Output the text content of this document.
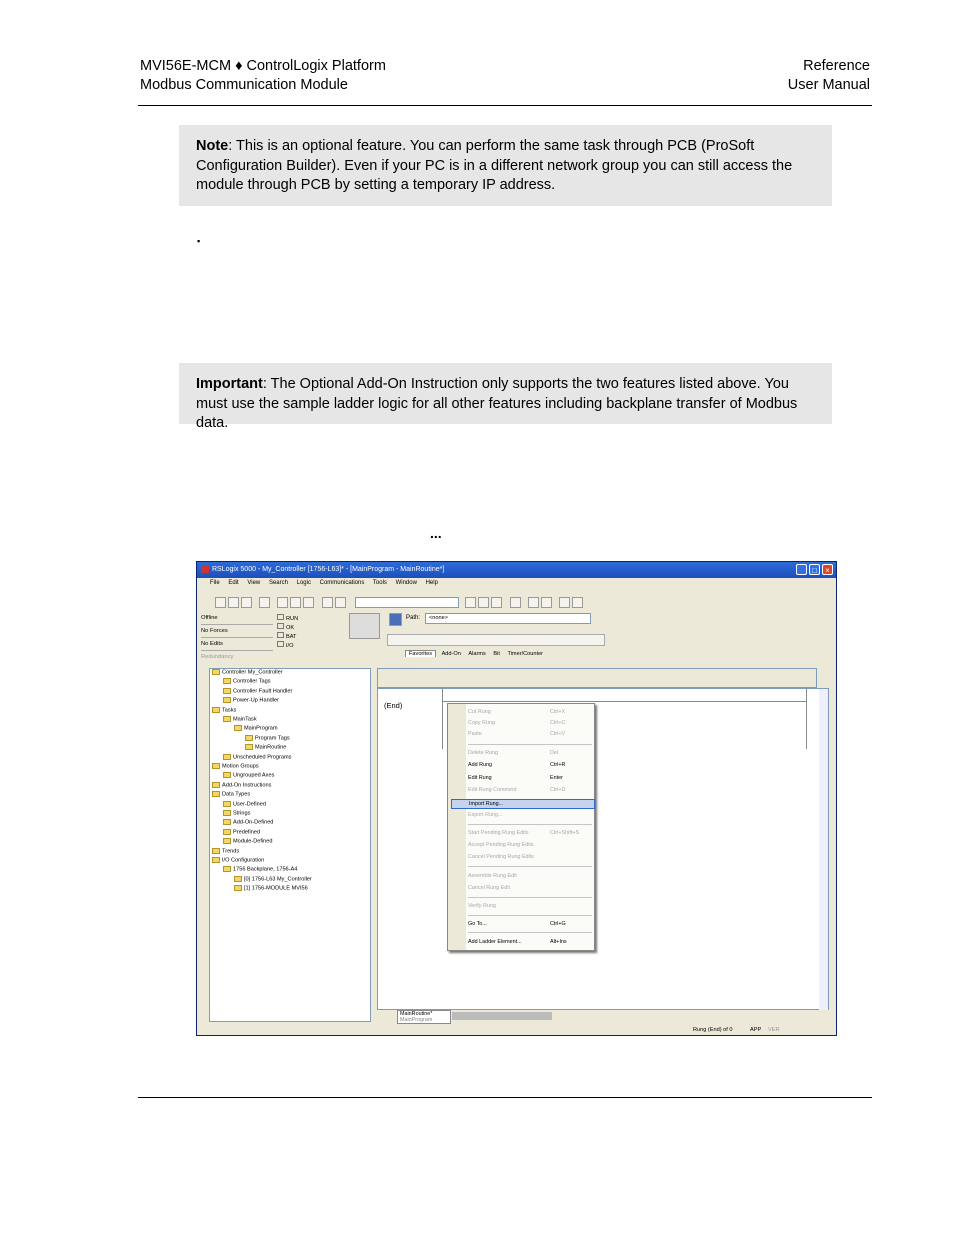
MVI56E-MCM ♦ ControlLogix Platform
Modbus Communication Module
Reference
User Manual
Note: This is an optional feature. You can perform the same task through PCB (ProSoft Configuration Builder). Even if your PC is in a different network group you can still access the module through PCB by setting a temporary IP address.
▪
Important: The Optional Add-On Instruction only supports the two features listed above. You must use the sample ladder logic for all other features including backplane transfer of Modbus data.
...
RSLogix 5000 - My_Controller [1756-L63]* - [MainProgram - MainRoutine*]	_	□	×
File Edit View Search Logic Communications Tools Window Help
Offline
No Forces
No Edits
Redundancy
RUN
OK
BAT
I/O
Path:	<none>
Favorites Add-On Alarms Bit Timer/Counter
(End)
MainRoutine*
MainProgram
Rung (End) of 0	APP VER
Cut Rung	Ctrl+X
Copy Rung	Ctrl+C
Paste	Ctrl+V
Delete Rung	Del
Add Rung	Ctrl+R
Edit Rung	Enter
Edit Rung Comment	Ctrl+D
Import Rung...
Export Rung...
Start Pending Rung Edits	Ctrl+Shift+S
Accept Pending Rung Edits
Cancel Pending Rung Edits
Assemble Rung Edit
Cancel Rung Edit
Verify Rung
Go To...	Ctrl+G
Add Ladder Element...	Alt+Ins
Controller My_Controller
Controller Tags
Controller Fault Handler
Power-Up Handler
Tasks
MainTask
MainProgram
Program Tags
MainRoutine
Unscheduled Programs
Motion Groups
Ungrouped Axes
Add-On Instructions
Data Types
User-Defined
Strings
Add-On-Defined
Predefined
Module-Defined
Trends
I/O Configuration
1756 Backplane, 1756-A4
[0] 1756-L63 My_Controller
[1] 1756-MODULE MVI56
